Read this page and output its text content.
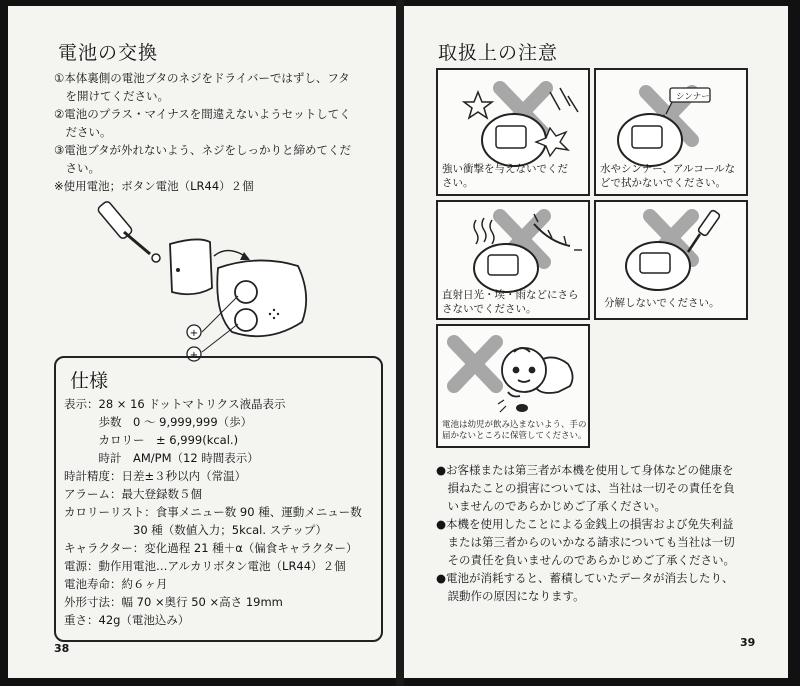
電池の交換
①本体裏側の電池ブタのネジをドライバーではずし、フタ
　を開けてください。
②電池のプラス・マイナスを間違えないようセットしてく
　ださい。
③電池ブタが外れないよう、ネジをしっかりと締めてくだ
　さい。
※使用電池；ボタン電池（LR44）２個
+
+
仕様
表示：28 × 16 ドットマトリクス液晶表示
　　　歩数　0 ～ 9,999,999（歩）
　　　カロリー　± 6,999(kcal.)
　　　時計　AM/PM（12 時間表示）
時計精度：日差±３秒以内（常温）
アラーム：最大登録数５個
カロリーリスト：食事メニュー数 90 種、運動メニュー数
　　　　　　30 種（数値入力；5kcal. ステップ）
キャラクター：変化過程 21 種＋α（偏食キャラクター）
電源：動作用電池…アルカリボタン電池（LR44）２個
電池寿命：約６ヶ月
外形寸法：幅 70 ×奥行 50 ×高さ 19mm
重さ：42g（電池込み）
38
取扱上の注意
強い衝撃を与えないでくだ
さい。
シンナー
水やシンナー、アルコールな
どで拭かないでください。
直射日光・埃・雨などにさら
さないでください。	分解しないでください。
電池は幼児が飲み込まないよう、手の
届かないところに保管してください。
●お客様または第三者が本機を使用して身体などの健康を
　損ねたことの損害については、当社は一切その責任を負
　いませんのであらかじめご了承ください。
●本機を使用したことによる金銭上の損害および免失利益
　または第三者からのいかなる請求についても当社は一切
　その責任を負いませんのであらかじめご了承ください。
●電池が消耗すると、蓄積していたデータが消去したり、
　誤動作の原因になります。
39
